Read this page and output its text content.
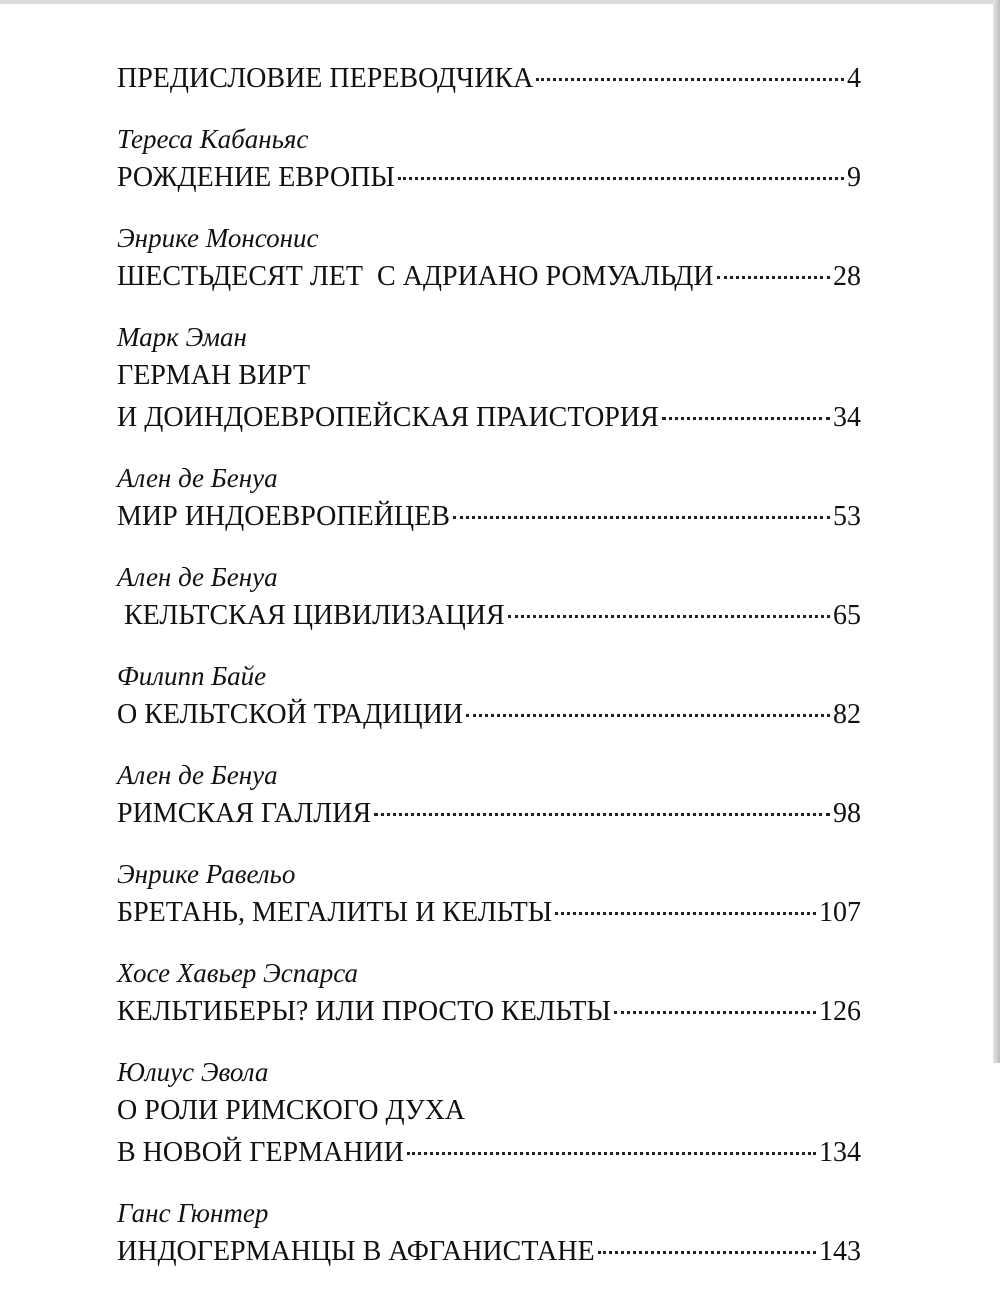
ПРЕДИСЛОВИЕ ПЕРЕВОДЧИКА	4
Тереса Кабаньяс
РОЖДЕНИЕ ЕВРОПЫ	9
Энрике Монсонис
ШЕСТЬДЕСЯТ ЛЕТ  С АДРИАНО РОМУАЛЬДИ	28
Марк Эман
ГЕРМАН ВИРТ
И ДОИНДОЕВРОПЕЙСКАЯ ПРАИСТОРИЯ	34
Ален де Бенуа
МИР ИНДОЕВРОПЕЙЦЕВ	53
Ален де Бенуа
КЕЛЬТСКАЯ ЦИВИЛИЗАЦИЯ	65
Филипп Байе
О КЕЛЬТСКОЙ ТРАДИЦИИ	82
Ален де Бенуа
РИМСКАЯ ГАЛЛИЯ	98
Энрике Равельо
БРЕТАНЬ, МЕГАЛИТЫ И КЕЛЬТЫ	107
Хосе Хавьер Эспарса
КЕЛЬТИБЕРЫ? ИЛИ ПРОСТО КЕЛЬТЫ	126
Юлиус Эвола
О РОЛИ РИМСКОГО ДУХА
В НОВОЙ ГЕРМАНИИ	134
Ганс Гюнтер
ИНДОГЕРМАНЦЫ В АФГАНИСТАНЕ	143
